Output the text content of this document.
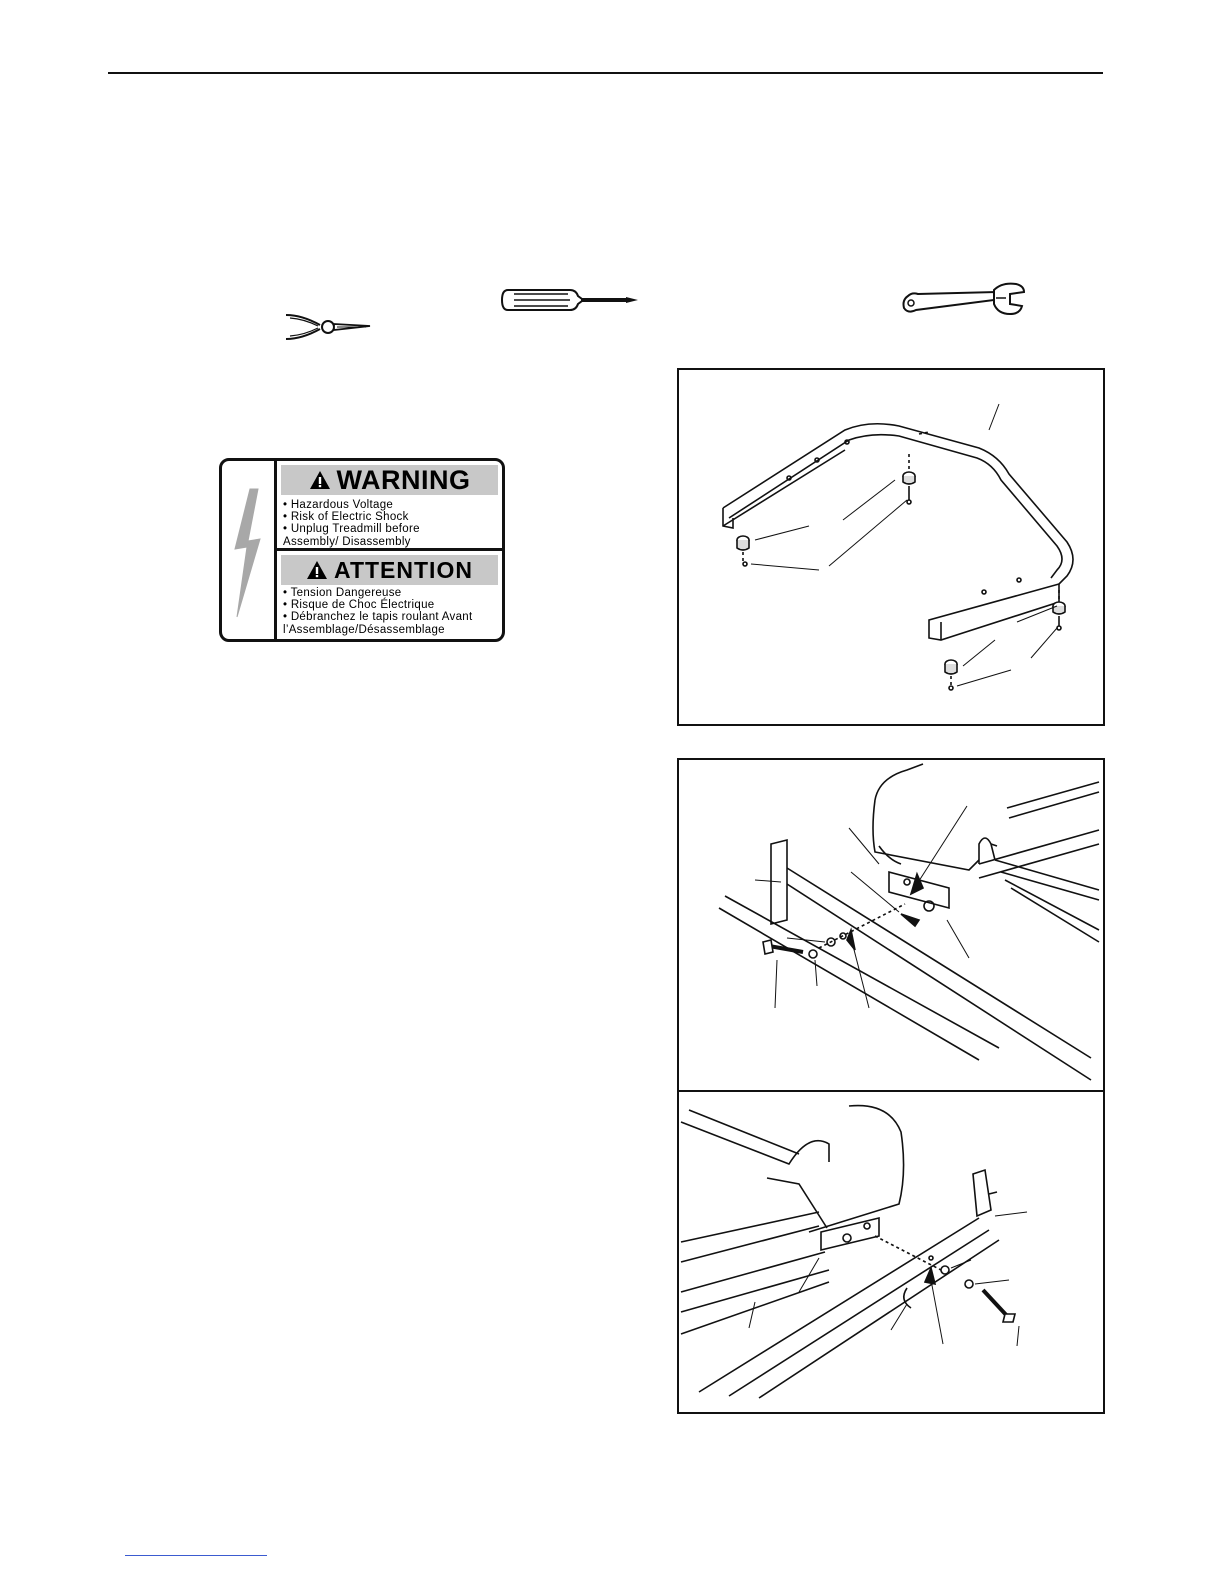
WARNING
• Hazardous Voltage
• Risk of Electric Shock
• Unplug Treadmill before
Assembly/ Disassembly
ATTENTION
• Tension Dangereuse
• Risque de Choc Électrique
• Débranchez le tapis roulant Avant
l’Assemblage/Désassemblage
